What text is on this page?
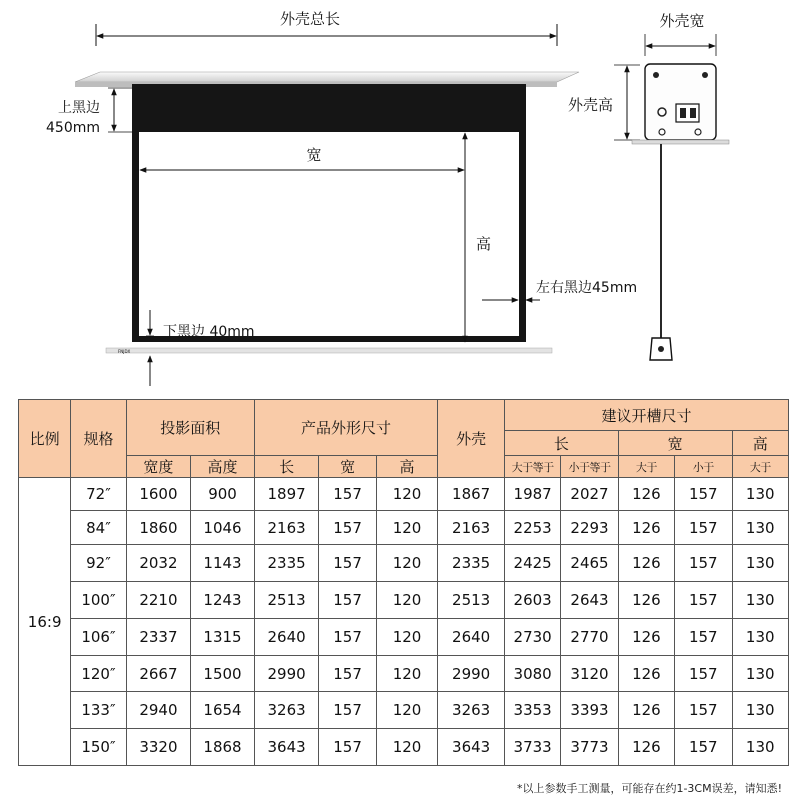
外壳总长
FNJDX
上黑边
450mm
宽
高
左右黑边45mm
下黑边 40mm
外壳宽
外壳高
比例	规格	投影面积		产品外形尺寸			外壳	建议开槽尺寸				
								长		宽		高
		宽度	高度	长	宽	高		大于等于	小于等于	大于	小于	大于
16:9	72″	1600	900	1897	157	120	1867	1987	2027	126	157	130
	84″	1860	1046	2163	157	120	2163	2253	2293	126	157	130
	92″	2032	1143	2335	157	120	2335	2425	2465	126	157	130
	100″	2210	1243	2513	157	120	2513	2603	2643	126	157	130
	106″	2337	1315	2640	157	120	2640	2730	2770	126	157	130
	120″	2667	1500	2990	157	120	2990	3080	3120	126	157	130
	133″	2940	1654	3263	157	120	3263	3353	3393	126	157	130
	150″	3320	1868	3643	157	120	3643	3733	3773	126	157	130
*以上参数手工测量，可能存在约1-3CM误差，请知悉!
